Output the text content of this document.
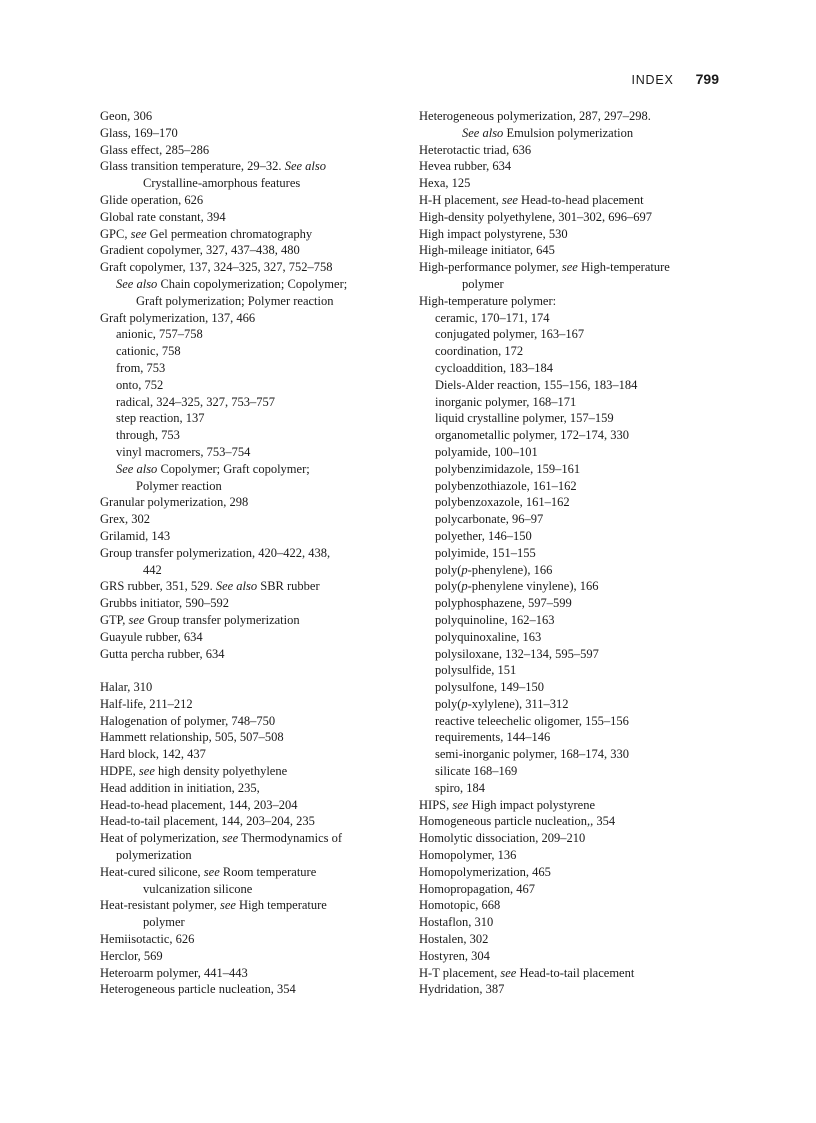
INDEX 799
Geon, 306
Glass, 169–170
Glass effect, 285–286
Glass transition temperature, 29–32. See also
Crystalline-amorphous features
Glide operation, 626
Global rate constant, 394
GPC, see Gel permeation chromatography
Gradient copolymer, 327, 437–438, 480
Graft copolymer, 137, 324–325, 327, 752–758
See also Chain copolymerization; Copolymer;
Graft polymerization; Polymer reaction
Graft polymerization, 137, 466
anionic, 757–758
cationic, 758
from, 753
onto, 752
radical, 324–325, 327, 753–757
step reaction, 137
through, 753
vinyl macromers, 753–754
See also Copolymer; Graft copolymer;
Polymer reaction
Granular polymerization, 298
Grex, 302
Grilamid, 143
Group transfer polymerization, 420–422, 438,
442
GRS rubber, 351, 529. See also SBR rubber
Grubbs initiator, 590–592
GTP, see Group transfer polymerization
Guayule rubber, 634
Gutta percha rubber, 634
Halar, 310
Half-life, 211–212
Halogenation of polymer, 748–750
Hammett relationship, 505, 507–508
Hard block, 142, 437
HDPE, see high density polyethylene
Head addition in initiation, 235,
Head-to-head placement, 144, 203–204
Head-to-tail placement, 144, 203–204, 235
Heat of polymerization, see Thermodynamics of
polymerization
Heat-cured silicone, see Room temperature
vulcanization silicone
Heat-resistant polymer, see High temperature
polymer
Hemiisotactic, 626
Herclor, 569
Heteroarm polymer, 441–443
Heterogeneous particle nucleation, 354
Heterogeneous polymerization, 287, 297–298.
See also Emulsion polymerization
Heterotactic triad, 636
Hevea rubber, 634
Hexa, 125
H-H placement, see Head-to-head placement
High-density polyethylene, 301–302, 696–697
High impact polystyrene, 530
High-mileage initiator, 645
High-performance polymer, see High-temperature
polymer
High-temperature polymer:
ceramic, 170–171, 174
conjugated polymer, 163–167
coordination, 172
cycloaddition, 183–184
Diels-Alder reaction, 155–156, 183–184
inorganic polymer, 168–171
liquid crystalline polymer, 157–159
organometallic polymer, 172–174, 330
polyamide, 100–101
polybenzimidazole, 159–161
polybenzothiazole, 161–162
polybenzoxazole, 161–162
polycarbonate, 96–97
polyether, 146–150
polyimide, 151–155
poly(p-phenylene), 166
poly(p-phenylene vinylene), 166
polyphosphazene, 597–599
polyquinoline, 162–163
polyquinoxaline, 163
polysiloxane, 132–134, 595–597
polysulfide, 151
polysulfone, 149–150
poly(p-xylylene), 311–312
reactive teleechelic oligomer, 155–156
requirements, 144–146
semi-inorganic polymer, 168–174, 330
silicate 168–169
spiro, 184
HIPS, see High impact polystyrene
Homogeneous particle nucleation,, 354
Homolytic dissociation, 209–210
Homopolymer, 136
Homopolymerization, 465
Homopropagation, 467
Homotopic, 668
Hostaflon, 310
Hostalen, 302
Hostyren, 304
H-T placement, see Head-to-tail placement
Hydridation, 387
